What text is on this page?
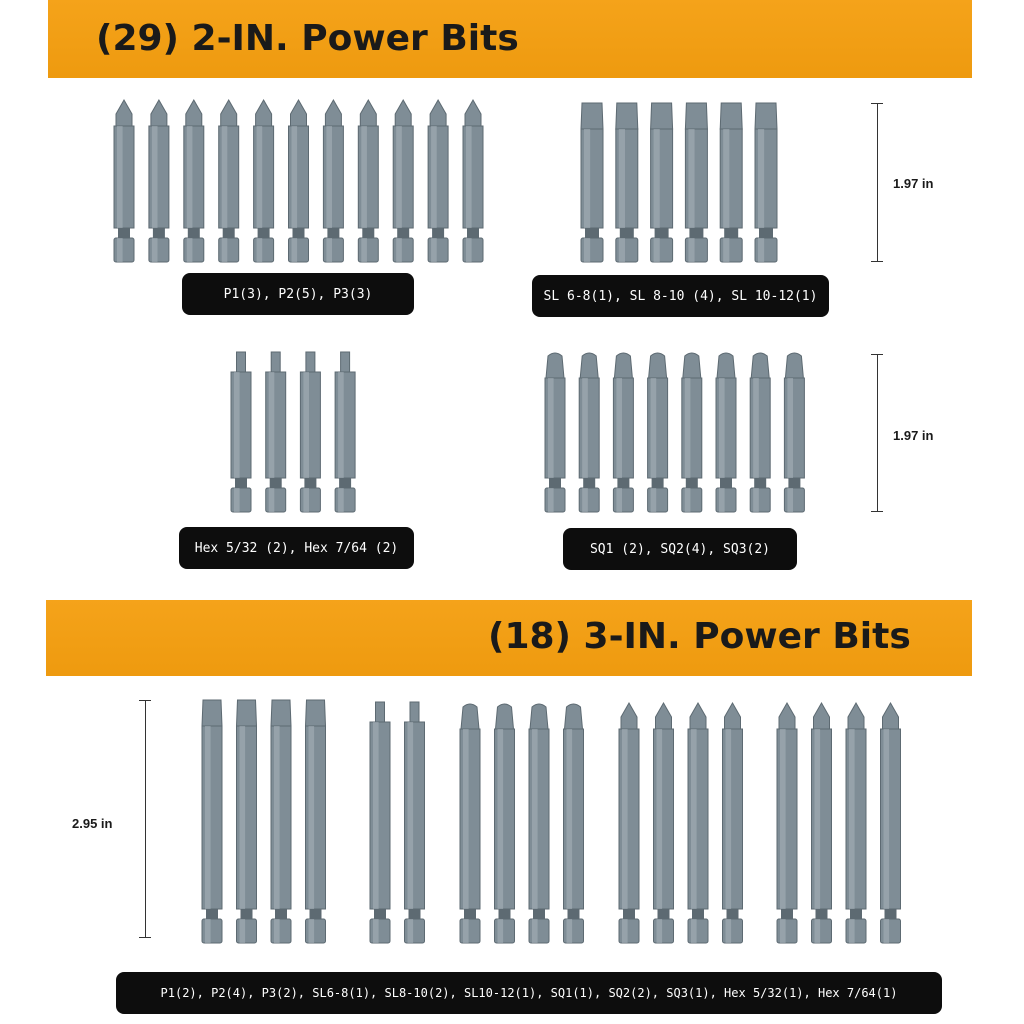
(29) 2-IN. Power Bits
(18) 3-IN. Power Bits
P1(3), P2(5), P3(3)	SL 6-8(1), SL 8-10 (4), SL 10-12(1)
Hex 5/32 (2), Hex 7/64 (2)	SQ1 (2), SQ2(4), SQ3(2)
P1(2), P2(4), P3(2), SL6-8(1), SL8-10(2), SL10-12(1), SQ1(1), SQ2(2), SQ3(1), Hex 5/32(1), Hex 7/64(1)
1.97 in
1.97 in
2.95 in
